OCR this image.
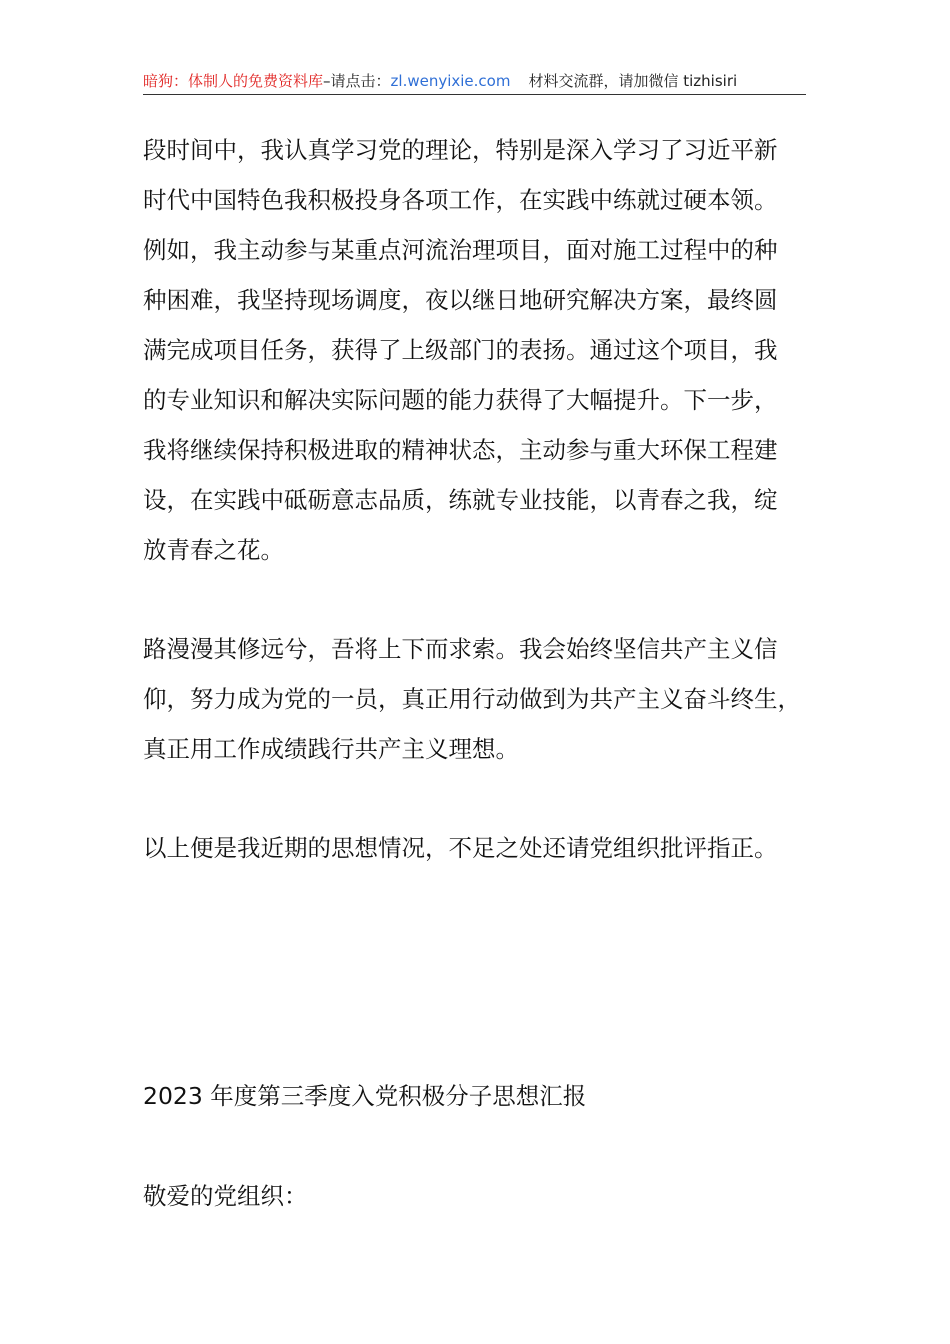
暗狗：体制人的免费资料库–请点击：zl.wenyixie.com 材料交流群，请加微信 tizhisiri
段时间中，我认真学习党的理论，特别是深入学习了习近平新
时代中国特色我积极投身各项工作，在实践中练就过硬本领。
例如，我主动参与某重点河流治理项目，面对施工过程中的种
种困难，我坚持现场调度，夜以继日地研究解决方案，最终圆
满完成项目任务，获得了上级部门的表扬。通过这个项目，我
的专业知识和解决实际问题的能力获得了大幅提升。下一步，
我将继续保持积极进取的精神状态，主动参与重大环保工程建
设，在实践中砥砺意志品质，练就专业技能，以青春之我，绽
放青春之花。
路漫漫其修远兮，吾将上下而求索。我会始终坚信共产主义信
仰，努力成为党的一员，真正用行动做到为共产主义奋斗终生，
真正用工作成绩践行共产主义理想。
以上便是我近期的思想情况，不足之处还请党组织批评指正。
2023 年度第三季度入党积极分子思想汇报
敬爱的党组织：
